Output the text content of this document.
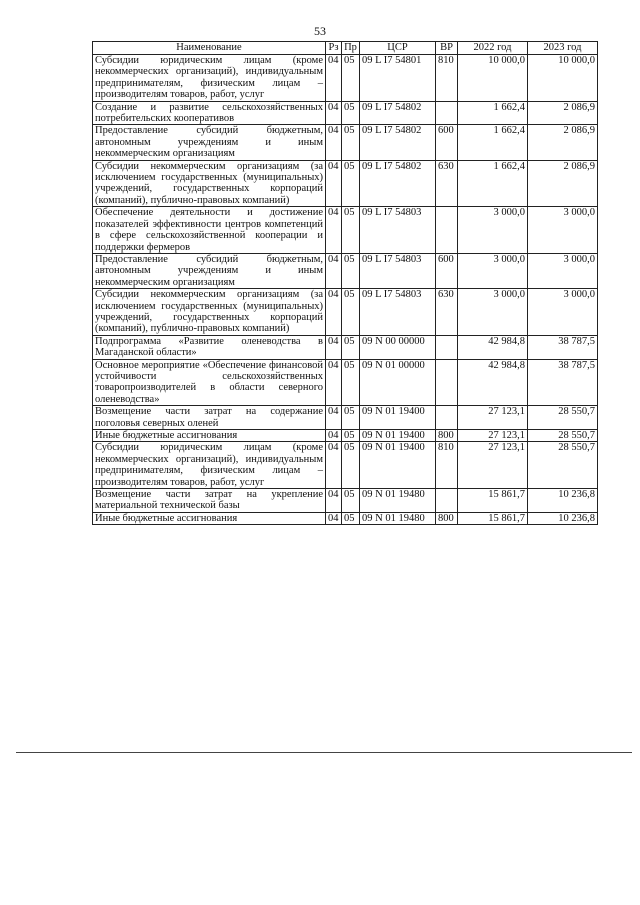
53
Наименование	Рз	Пр	ЦСР	ВР	2022 год	2023 год
Субсидии юридическим лицам (кроме некоммерческих организаций), индивидуальным предпринимателям, физическим лицам – производителям товаров, работ, услуг	04	05	09 L I7 54801	810	10 000,0	10 000,0
Создание и развитие сельскохозяйственных потребительских кооперативов	04	05	09 L I7 54802		1 662,4	2 086,9
Предоставление субсидий бюджетным, автономным учреждениям и иным некоммерческим организациям	04	05	09 L I7 54802	600	1 662,4	2 086,9
Субсидии некоммерческим организациям (за исключением государственных (муниципальных) учреждений, государственных корпораций (компаний), публично-правовых компаний)	04	05	09 L I7 54802	630	1 662,4	2 086,9
Обеспечение деятельности и достижение показателей эффективности центров компетенций в сфере сельскохозяйственной кооперации и поддержки фермеров	04	05	09 L I7 54803		3 000,0	3 000,0
Предоставление субсидий бюджетным, автономным учреждениям и иным некоммерческим организациям	04	05	09 L I7 54803	600	3 000,0	3 000,0
Субсидии некоммерческим организациям (за исключением государственных (муниципальных) учреждений, государственных корпораций (компаний), публично-правовых компаний)	04	05	09 L I7 54803	630	3 000,0	3 000,0
Подпрограмма «Развитие оленеводства в Магаданской области»	04	05	09 N 00 00000		42 984,8	38 787,5
Основное мероприятие «Обеспечение финансовой устойчивости сельскохозяйственных товаропроизводителей в области северного оленеводства»	04	05	09 N 01 00000		42 984,8	38 787,5
Возмещение части затрат на содержание поголовья северных оленей	04	05	09 N 01 19400		27 123,1	28 550,7
Иные бюджетные ассигнования	04	05	09 N 01 19400	800	27 123,1	28 550,7
Субсидии юридическим лицам (кроме некоммерческих организаций), индивидуальным предпринимателям, физическим лицам – производителям товаров, работ, услуг	04	05	09 N 01 19400	810	27 123,1	28 550,7
Возмещение части затрат на укрепление материальной технической базы	04	05	09 N 01 19480		15 861,7	10 236,8
Иные бюджетные ассигнования	04	05	09 N 01 19480	800	15 861,7	10 236,8
